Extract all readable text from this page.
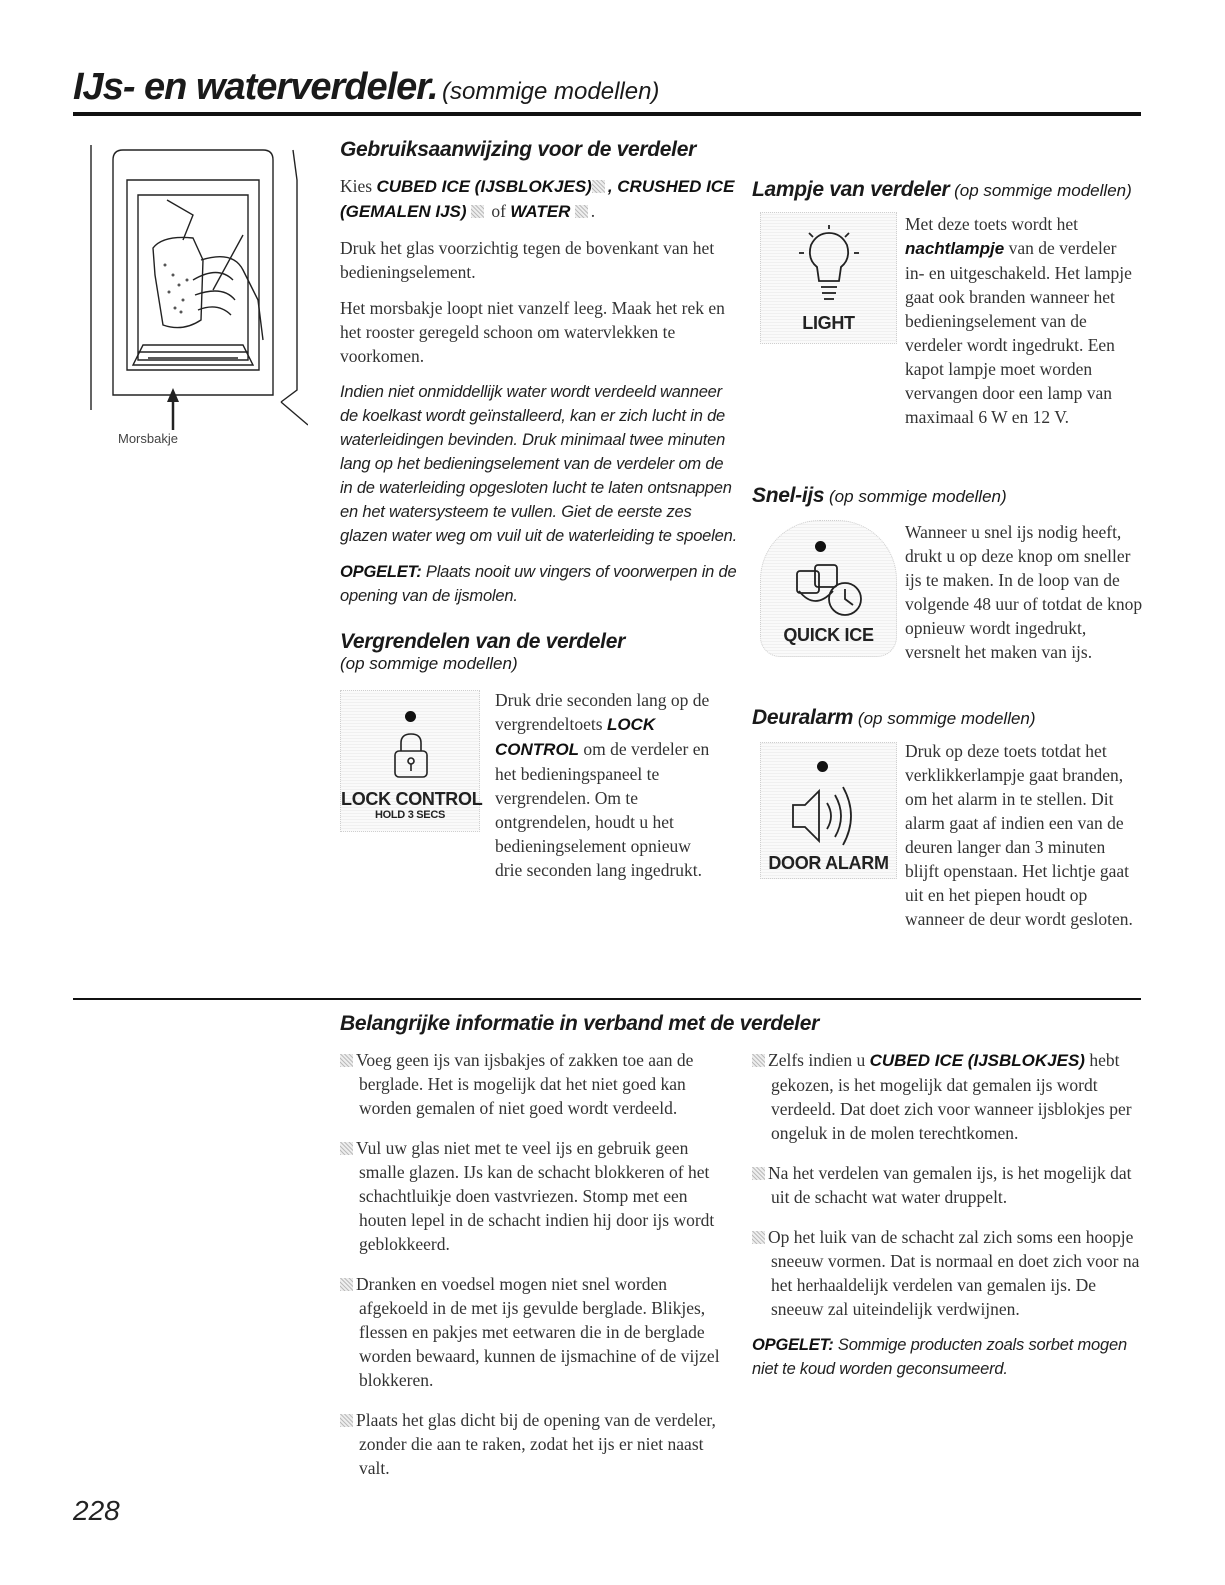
IJs- en waterverdeler. (sommige modellen)
Morsbakje
Gebruiksaanwijzing voor de verdeler

Kies CUBED ICE (IJSBLOKJES) , CRUSHED ICE (GEMALEN IJS)  of WATER .

Druk het glas voorzichtig tegen de bovenkant van het bedieningselement.

Het morsbakje loopt niet vanzelf leeg. Maak het rek en het rooster geregeld schoon om watervlekken te voorkomen.

Indien niet onmiddellijk water wordt verdeeld wanneer de koelkast wordt geïnstalleerd, kan er zich lucht in de waterleidingen bevinden. Druk minimaal twee minuten lang op het bedieningselement van de verdeler om de in de waterleiding opgesloten lucht te laten ontsnappen en het watersysteem te vullen. Giet de eerste zes glazen water weg om vuil uit de waterleiding te spoelen.

OPGELET: Plaats nooit uw vingers of voorwerpen in de opening van de ijsmolen.

Vergrendelen van de verdeler
(op sommige modellen)
LOCK CONTROL
HOLD 3 SECS

Druk drie seconden lang op de vergrendeltoets LOCK CONTROL om de verdeler en het bedieningspaneel te vergrendelen. Om te ontgrendelen, houdt u het bedieningselement opnieuw drie seconden lang ingedrukt.

Lampje van verdeler (op sommige modellen)
LIGHT

Met deze toets wordt het nachtlampje van de verdeler in- en uitgeschakeld. Het lampje gaat ook branden wanneer het bedieningselement van de verdeler wordt ingedrukt. Een kapot lampje moet worden vervangen door een lamp van maximaal 6 W en 12 V.

Snel-ijs (op sommige modellen)
QUICK ICE

Wanneer u snel ijs nodig heeft, drukt u op deze knop om sneller ijs te maken. In de loop van de volgende 48 uur of totdat de knop opnieuw wordt ingedrukt, versnelt het maken van ijs.

Deuralarm (op sommige modellen)
DOOR ALARM

Druk op deze toets totdat het verklikkerlampje gaat branden, om het alarm in te stellen. Dit alarm gaat af indien een van de deuren langer dan 3 minuten blijft openstaan. Het lichtje gaat uit en het piepen houdt op wanneer de deur wordt gesloten.

Belangrijke informatie in verband met de verdeler
Voeg geen ijs van ijsbakjes of zakken toe aan de berglade. Het is mogelijk dat het niet goed kan worden gemalen of niet goed wordt verdeeld.
Vul uw glas niet met te veel ijs en gebruik geen smalle glazen. IJs kan de schacht blokkeren of het schachtluikje doen vastvriezen. Stomp met een houten lepel in de schacht indien hij door ijs wordt geblokkeerd.
Dranken en voedsel mogen niet snel worden afgekoeld in de met ijs gevulde berglade. Blikjes, flessen en pakjes met eetwaren die in de berglade worden bewaard, kunnen de ijsmachine of de vijzel blokkeren.
Plaats het glas dicht bij de opening van de verdeler, zonder die aan te raken, zodat het ijs er niet naast valt.
Zelfs indien u CUBED ICE (IJSBLOKJES) hebt gekozen, is het mogelijk dat gemalen ijs wordt verdeeld. Dat doet zich voor wanneer ijsblokjes per ongeluk in de molen terechtkomen.
Na het verdelen van gemalen ijs, is het mogelijk dat uit de schacht wat water druppelt.
Op het luik van de schacht zal zich soms een hoopje sneeuw vormen. Dat is normaal en doet zich voor na het herhaaldelijk verdelen van gemalen ijs. De sneeuw zal uiteindelijk verdwijnen.

OPGELET: Sommige producten zoals sorbet mogen niet te koud worden geconsumeerd.

228
